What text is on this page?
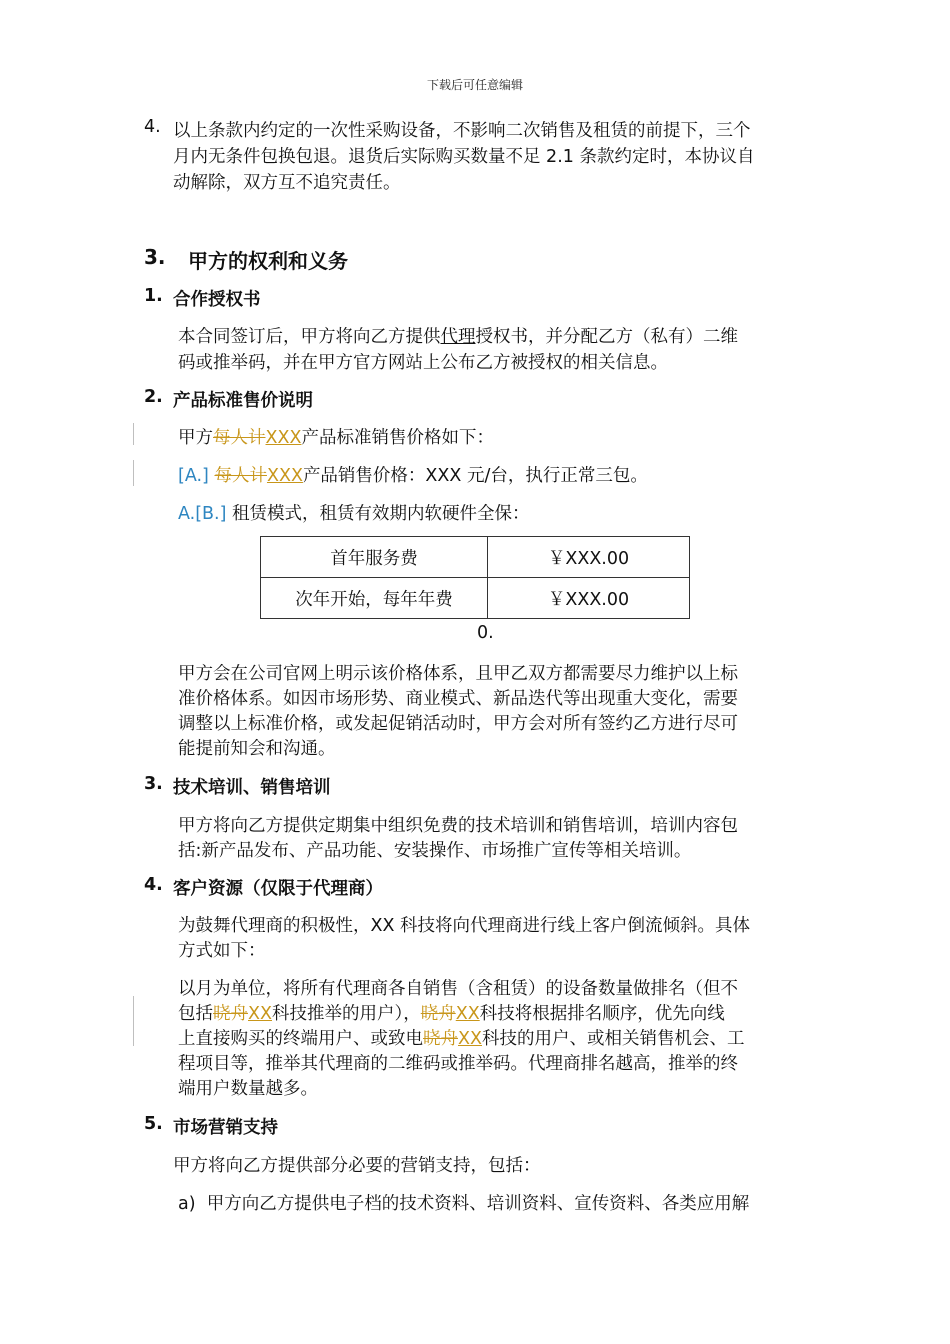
下载后可任意编辑
4. 以上条款内约定的一次性采购设备，不影响二次销售及租赁的前提下，三个
月内无条件包换包退。退货后实际购买数量不足 2.1 条款约定时，本协议自
动解除，双方互不追究责任。
3. 甲方的权利和义务
1. 合作授权书
本合同签订后，甲方将向乙方提供代理授权书，并分配乙方（私有）二维
码或推举码，并在甲方官方网站上公布乙方被授权的相关信息。
2. 产品标准售价说明
甲方每人计XXX产品标准销售价格如下：
[A.] 每人计XXX产品销售价格：XXX 元/台，执行正常三包。
A.[B.] 租赁模式，租赁有效期内软硬件全保：
首年服务费	￥XXX.00
次年开始，每年年费	￥XXX.00
0.
甲方会在公司官网上明示该价格体系，且甲乙双方都需要尽力维护以上标
准价格体系。如因市场形势、商业模式、新品迭代等出现重大变化，需要
调整以上标准价格，或发起促销活动时，甲方会对所有签约乙方进行尽可
能提前知会和沟通。
3. 技术培训、销售培训
甲方将向乙方提供定期集中组织免费的技术培训和销售培训，培训内容包
括:新产品发布、产品功能、安装操作、市场推广宣传等相关培训。
4. 客户资源（仅限于代理商）
为鼓舞代理商的积极性，XX 科技将向代理商进行线上客户倒流倾斜。具体
方式如下：
以月为单位，将所有代理商各自销售（含租赁）的设备数量做排名（但不
包括晓舟XX科技推举的用户），晓舟XX科技将根据排名顺序，优先向线
上直接购买的终端用户、或致电晓舟XX科技的用户、或相关销售机会、工
程项目等，推举其代理商的二维码或推举码。代理商排名越高，推举的终
端用户数量越多。
5. 市场营销支持
甲方将向乙方提供部分必要的营销支持，包括：
a) 甲方向乙方提供电子档的技术资料、培训资料、宣传资料、各类应用解
